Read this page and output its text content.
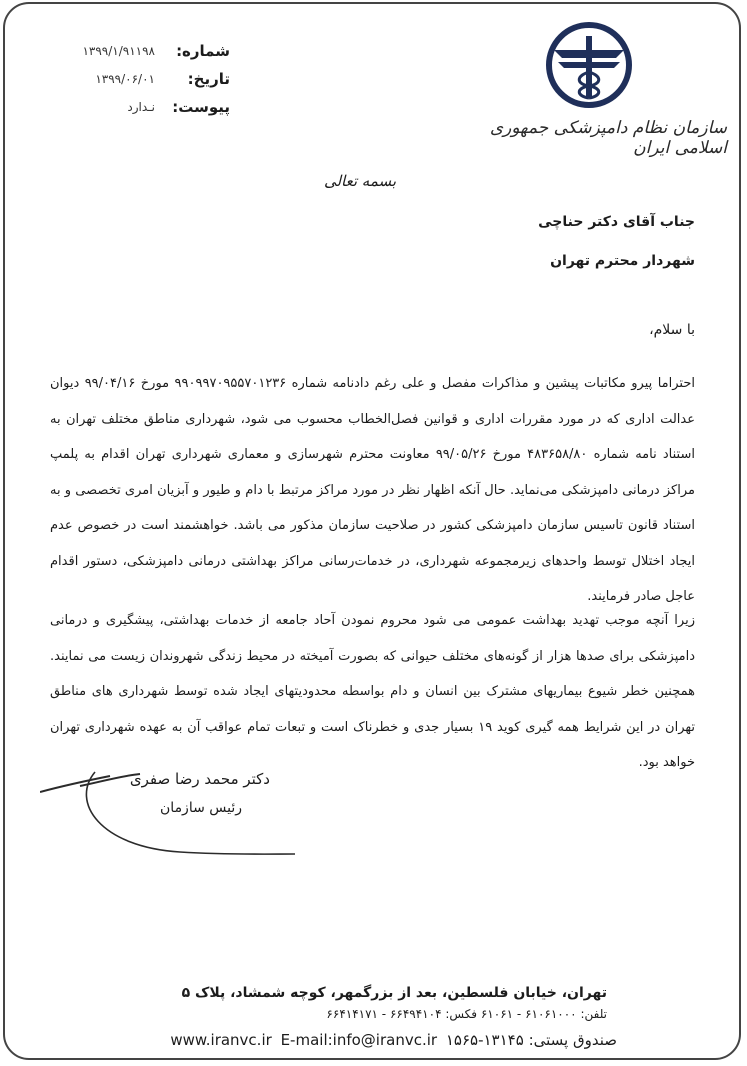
سازمان نظام دامپزشکی جمهوری اسلامی ایران
شماره:
۱۳۹۹/۱/۹۱۱۹۸
تاریخ:
۱۳۹۹/۰۶/۰۱
پیوست:
نـدارد
بسمه تعالی
جناب آقای دکتر حناچی
شهردار محترم تهران
با سلام،
احتراما پیرو مکاتبات پیشین و مذاکرات مفصل و علی رغم دادنامه شماره ۹۹۰۹۹۷۰۹۵۵۷۰۱۲۳۶ مورخ ۹۹/۰۴/۱۶ دیوان عدالت اداری که در مورد مقررات اداری و قوانین فصل‌الخطاب محسوب می شود، شهرداری مناطق مختلف تهران به استناد نامه شماره ۴۸۳۶۵۸/۸۰ مورخ ۹۹/۰۵/۲۶ معاونت محترم شهرسازی و معماری شهرداری تهران اقدام به پلمپ مراکز درمانی دامپزشکی می‌نماید. حال آنکه اظهار نظر در مورد مراکز مرتبط با دام و طیور و آبزیان امری تخصصی و به استناد قانون تاسیس سازمان دامپزشکی کشور در صلاحیت سازمان مذکور می باشد. خواهشمند است در خصوص عدم ایجاد اختلال توسط واحدهای زیرمجموعه شهرداری، در خدمات‌رسانی مراکز بهداشتی درمانی دامپزشکی، دستور اقدام عاجل صادر فرمایند.
زیرا آنچه موجب تهدید بهداشت عمومی می شود محروم نمودن آحاد جامعه از خدمات بهداشتی، پیشگیری و درمانی دامپزشکی برای صدها هزار از گونه‌های مختلف حیوانی که بصورت آمیخته در محیط زندگی شهروندان زیست می نمایند. همچنین خطر شیوع بیماریهای مشترک بین انسان و دام بواسطه محدودیتهای ایجاد شده توسط شهرداری های مناطق تهران در این شرایط همه گیری کوید ۱۹ بسیار جدی و خطرناک است و تبعات تمام عواقب آن به عهده شهرداری تهران خواهد بود.
دکتر محمد رضا صفری
رئیس سازمان
تهران، خیابان فلسطین، بعد از بزرگمهر، کوچه شمشاد، پلاک ۵
تلفن: ۶۱۰۶۱۰۰۰ - ۶۱۰۶۱ فکس: ۶۶۴۹۴۱۰۴ - ۶۶۴۱۴۱۷۱
www.iranvc.ir E-mail:info@iranvc.ir صندوق پستی: ۱۳۱۴۵-۱۵۶۵
